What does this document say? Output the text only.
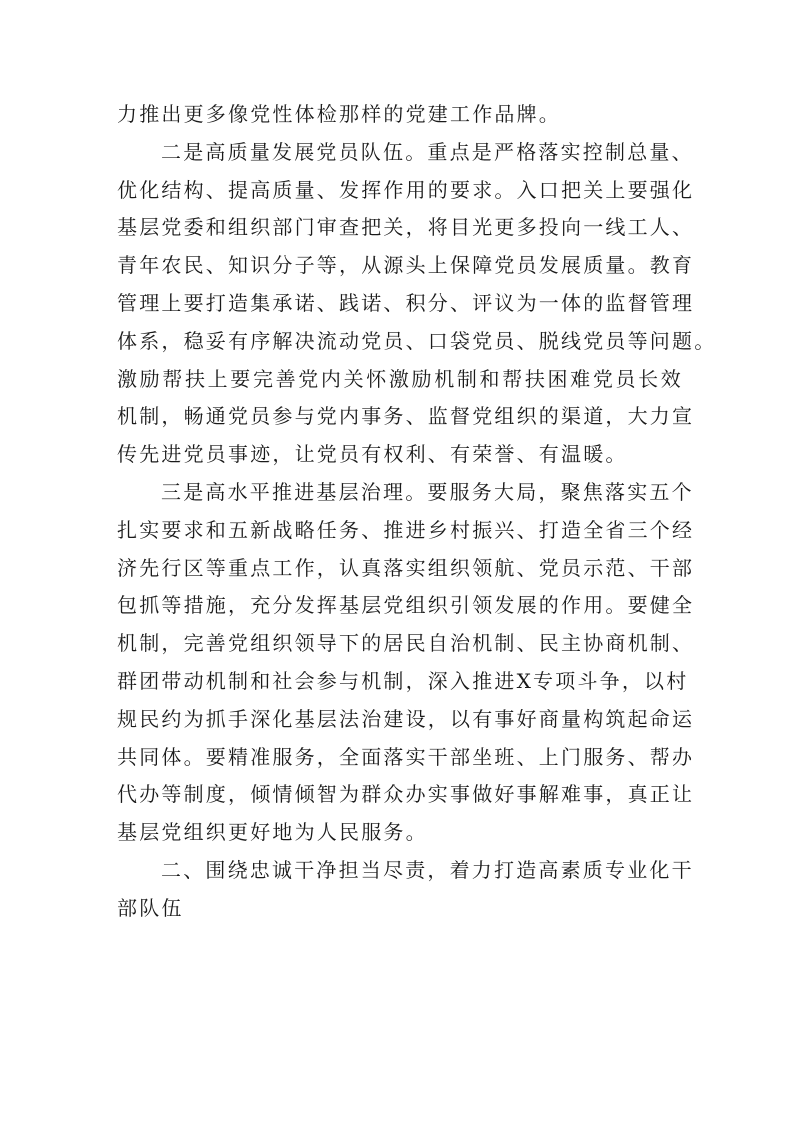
力推出更多像党性体检那样的党建工作品牌。
二是高质量发展党员队伍。重点是严格落实控制总量、
优化结构、提高质量、发挥作用的要求。入口把关上要强化
基层党委和组织部门审查把关，将目光更多投向一线工人、
青年农民、知识分子等，从源头上保障党员发展质量。教育
管理上要打造集承诺、践诺、积分、评议为一体的监督管理
体系，稳妥有序解决流动党员、口袋党员、脱线党员等问题。
激励帮扶上要完善党内关怀激励机制和帮扶困难党员长效
机制，畅通党员参与党内事务、监督党组织的渠道，大力宣
传先进党员事迹，让党员有权利、有荣誉、有温暖。
三是高水平推进基层治理。要服务大局，聚焦落实五个
扎实要求和五新战略任务、推进乡村振兴、打造全省三个经
济先行区等重点工作，认真落实组织领航、党员示范、干部
包抓等措施，充分发挥基层党组织引领发展的作用。要健全
机制，完善党组织领导下的居民自治机制、民主协商机制、
群团带动机制和社会参与机制，深入推进X专项斗争，以村
规民约为抓手深化基层法治建设，以有事好商量构筑起命运
共同体。要精准服务，全面落实干部坐班、上门服务、帮办
代办等制度，倾情倾智为群众办实事做好事解难事，真正让
基层党组织更好地为人民服务。
二、围绕忠诚干净担当尽责，着力打造高素质专业化干
部队伍
